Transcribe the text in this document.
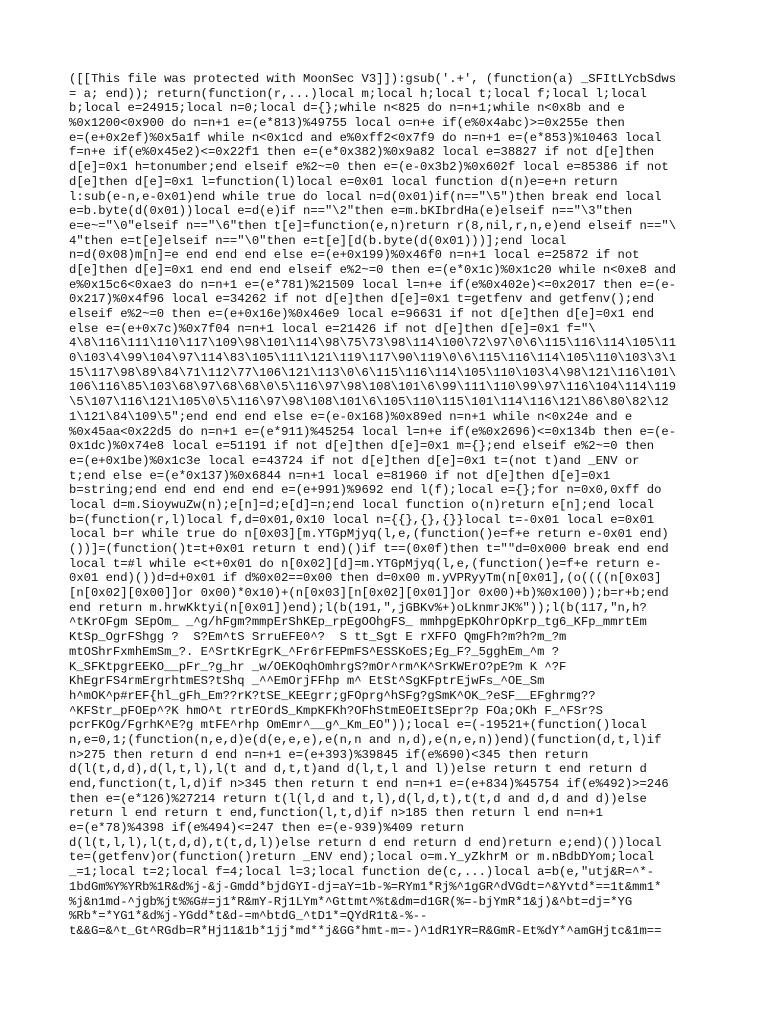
([[This file was protected with MoonSec V3]]):gsub('.+', (function(a) _SFItLYcbSdws
= a; end)); return(function(r,...)local m;local h;local t;local f;local l;local
b;local e=24915;local n=0;local d={};while n<825 do n=n+1;while n<0x8b and e
%0x1200<0x900 do n=n+1 e=(e*813)%49755 local o=n+e if(e%0x4abc)>=0x255e then
e=(e+0x2ef)%0x5a1f while n<0x1cd and e%0xff2<0x7f9 do n=n+1 e=(e*853)%10463 local
f=n+e if(e%0x45e2)<=0x22f1 then e=(e*0x382)%0x9a82 local e=38827 if not d[e]then
d[e]=0x1 h=tonumber;end elseif e%2~=0 then e=(e-0x3b2)%0x602f local e=85386 if not
d[e]then d[e]=0x1 l=function(l)local e=0x01 local function d(n)e=e+n return
l:sub(e-n,e-0x01)end while true do local n=d(0x01)if(n=="\5")then break end local
e=b.byte(d(0x01))local e=d(e)if n=="\2"then e=m.bKIbrdHa(e)elseif n=="\3"then
e=e~="\0"elseif n=="\6"then t[e]=function(e,n)return r(8,nil,r,n,e)end elseif n=="\
4"then e=t[e]elseif n=="\0"then e=t[e][d(b.byte(d(0x01)))];end local
n=d(0x08)m[n]=e end end end else e=(e+0x199)%0x46f0 n=n+1 local e=25872 if not
d[e]then d[e]=0x1 end end end elseif e%2~=0 then e=(e*0x1c)%0x1c20 while n<0xe8 and
e%0x15c6<0xae3 do n=n+1 e=(e*781)%21509 local l=n+e if(e%0x402e)<=0x2017 then e=(e-
0x217)%0x4f96 local e=34262 if not d[e]then d[e]=0x1 t=getfenv and getfenv();end
elseif e%2~=0 then e=(e+0x16e)%0x46e9 local e=96631 if not d[e]then d[e]=0x1 end
else e=(e+0x7c)%0x7f04 n=n+1 local e=21426 if not d[e]then d[e]=0x1 f="\
4\8\116\111\110\117\109\98\101\114\98\75\73\98\114\100\72\97\0\6\115\116\114\105\11
0\103\4\99\104\97\114\83\105\111\121\119\117\90\119\0\6\115\116\114\105\110\103\3\1
15\117\98\89\84\71\112\77\106\121\113\0\6\115\116\114\105\110\103\4\98\121\116\101\
106\116\85\103\68\97\68\68\0\5\116\97\98\108\101\6\99\111\110\99\97\116\104\114\119
\5\107\116\121\105\0\5\116\97\98\108\101\6\105\110\115\101\114\116\121\86\80\82\12
1\121\84\109\5";end end end else e=(e-0x168)%0x89ed n=n+1 while n<0x24e and e
%0x45aa<0x22d5 do n=n+1 e=(e*911)%45254 local l=n+e if(e%0x2696)<=0x134b then e=(e-
0x1dc)%0x74e8 local e=51191 if not d[e]then d[e]=0x1 m={};end elseif e%2~=0 then
e=(e+0x1be)%0x1c3e local e=43724 if not d[e]then d[e]=0x1 t=(not t)and _ENV or
t;end else e=(e*0x137)%0x6844 n=n+1 local e=81960 if not d[e]then d[e]=0x1
b=string;end end end end end e=(e+991)%9692 end l(f);local e={};for n=0x0,0xff do
local d=m.SioywuZw(n);e[n]=d;e[d]=n;end local function o(n)return e[n];end local
b=(function(r,l)local f,d=0x01,0x10 local n={{},{},{}}local t=-0x01 local e=0x01
local b=r while true do n[0x03][m.YTGpMjyq(l,e,(function()e=f+e return e-0x01 end)
())]=(function()t=t+0x01 return t end)()if t==(0x0f)then t=""d=0x000 break end end
local t=#l while e<t+0x01 do n[0x02][d]=m.YTGpMjyq(l,e,(function()e=f+e return e-
0x01 end)())d=d+0x01 if d%0x02==0x00 then d=0x00 m.yVPRyyTm(n[0x01],(o((((n[0x03]
[n[0x02][0x00]]or 0x00)*0x10)+(n[0x03][n[0x02][0x01]]or 0x00)+b)%0x100));b=r+b;end
end return m.hrwKktyi(n[0x01])end);l(b(191,",jGBKv%+)oLknmrJK%"));l(b(117,"n,h?
^tKrOFgm SEpOm_ _^g/hFgm?mmpErShKEp_rpEgOOhgFS_ mmhpgEpKOhrOpKrp_tg6_KFp_mmrtEm
KtSp_OgrFShgg ?  S?Em^tS SrruEFE0^?  S tt_Sgt E rXFFO QmgFh?m?h?m_?m
mtOShrFxmhEmSm_?. E^SrtKrEgrK_^Fr6rFEPmFS^ESSKoES;Eg_F?_5gghEm_^m ?
K_SFKtpgrEEKO__pFr_?g_hr _w/OEKOqhOmhrgS?mOr^rm^K^SrKWErO?pE?m K ^?F
KhEgrFS4rmErgrhtmES?tShq _^^EmOrjFFhp m^ EtSt^SgKFptrEjwFs_^OE_Sm
h^mOK^p#rEF{hl_gFh_Em??rK?tSE_KEEgrr;gFOprg^hSFg?gSmK^OK_?eSF__EFghrmg??
^KFStr_pFOEp^?K hmO^t rtrEOrdS_KmpKFKh?OFhStmEOEItSEpr?p FOa;OKh F_^FSr?S
pcrFKOg/FgrhK^E?g mtFE^rhp OmEmr^__g^_Km_EO"));local e=(-19521+(function()local
n,e=0,1;(function(n,e,d)e(d(e,e,e),e(n,n and n,d),e(n,e,n))end)(function(d,t,l)if
n>275 then return d end n=n+1 e=(e+393)%39845 if(e%690)<345 then return
d(l(t,d,d),d(l,t,l),l(t and d,t,t)and d(l,t,l and l))else return t end return d
end,function(t,l,d)if n>345 then return t end n=n+1 e=(e+834)%45754 if(e%492)>=246
then e=(e*126)%27214 return t(l(l,d and t,l),d(l,d,t),t(t,d and d,d and d))else
return l end return t end,function(l,t,d)if n>185 then return l end n=n+1
e=(e*78)%4398 if(e%494)<=247 then e=(e-939)%409 return
d(l(t,l,l),l(t,d,d),t(t,d,l))else return d end return d end)return e;end)())local
te=(getfenv)or(function()return _ENV end);local o=m.Y_yZkhrM or m.nBdbDYom;local
_=1;local t=2;local f=4;local l=3;local function de(c,...)local a=b(e,"utj&R=^*-
1bdGm%Y%YRb%1R&d%j-&j-Gmdd*bjdGYI-dj=aY=1b-%=RYm1*Rj%^1gGR^dVGdt=^&Yvtd*==1t&mm1*
%j&n1md-^jgb%jt%%G#=j1*R&mY-Rj1LYm*^Gttmt^%t&dm=d1GR(%=-bjYmR*1&j)&^bt=dj=*YG
%Rb*=*YG1*&d%j-YGdd*t&d-=m^btdG_^tD1*=QYdR1t&-%--
t&&G=&^t_Gt^RGdb=R*Hj11&1b*1jj*md**j&GG*hmt-m=-)^1dR1YR=R&GmR-Et%dY*^amGHjtc&1m==
